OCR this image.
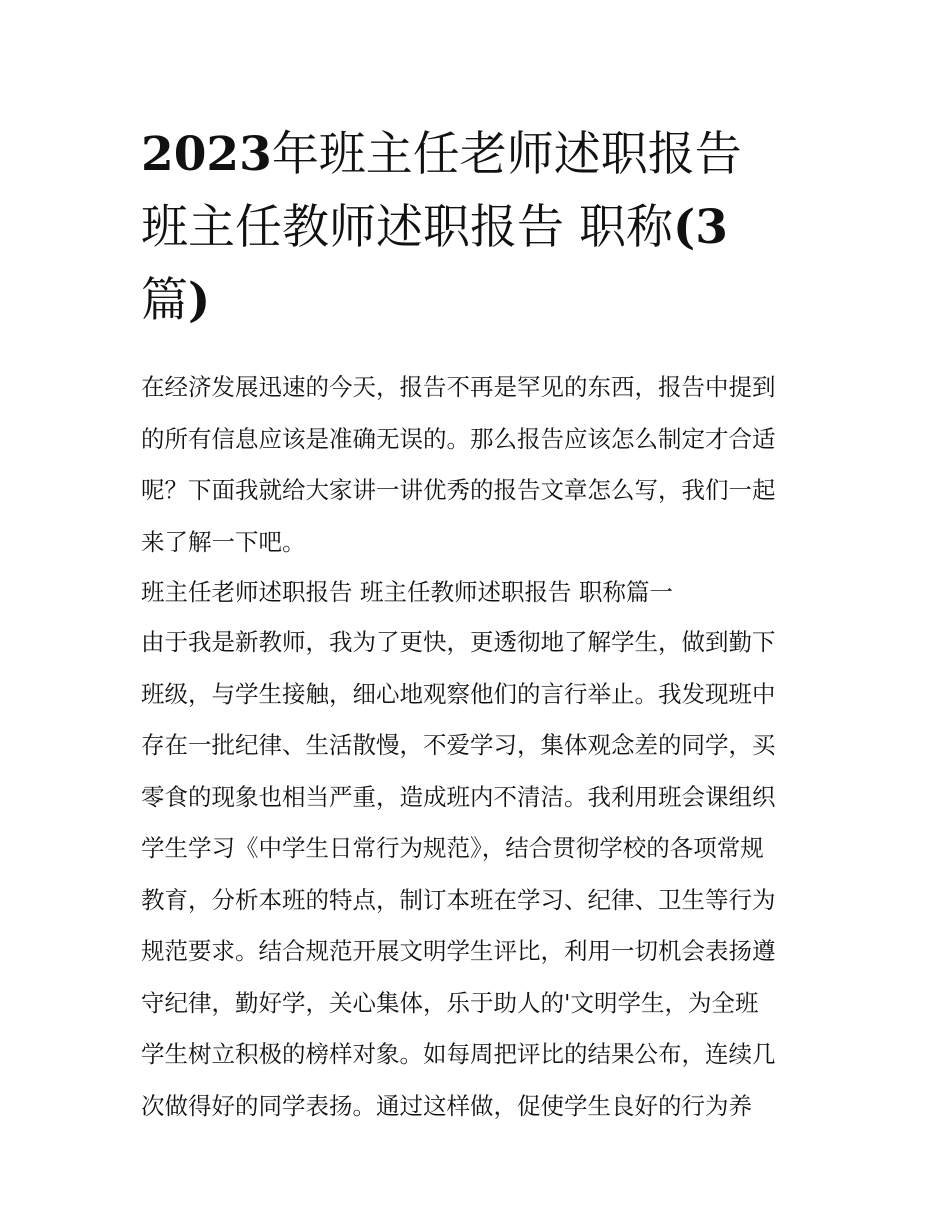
2023年班主任老师述职报告
班主任教师述职报告 职称(3
篇)
在经济发展迅速的今天，报告不再是罕见的东西，报告中提到
的所有信息应该是准确无误的。那么报告应该怎么制定才合适
呢？下面我就给大家讲一讲优秀的报告文章怎么写，我们一起
来了解一下吧。
班主任老师述职报告 班主任教师述职报告 职称篇一
由于我是新教师，我为了更快，更透彻地了解学生，做到勤下
班级，与学生接触，细心地观察他们的言行举止。我发现班中
存在一批纪律、生活散慢，不爱学习，集体观念差的同学，买
零食的现象也相当严重，造成班内不清洁。我利用班会课组织
学生学习《中学生日常行为规范》，结合贯彻学校的各项常规
教育，分析本班的特点，制订本班在学习、纪律、卫生等行为
规范要求。结合规范开展文明学生评比，利用一切机会表扬遵
守纪律，勤好学，关心集体，乐于助人的'文明学生，为全班
学生树立积极的榜样对象。如每周把评比的结果公布，连续几
次做得好的同学表扬。通过这样做，促使学生良好的行为养
